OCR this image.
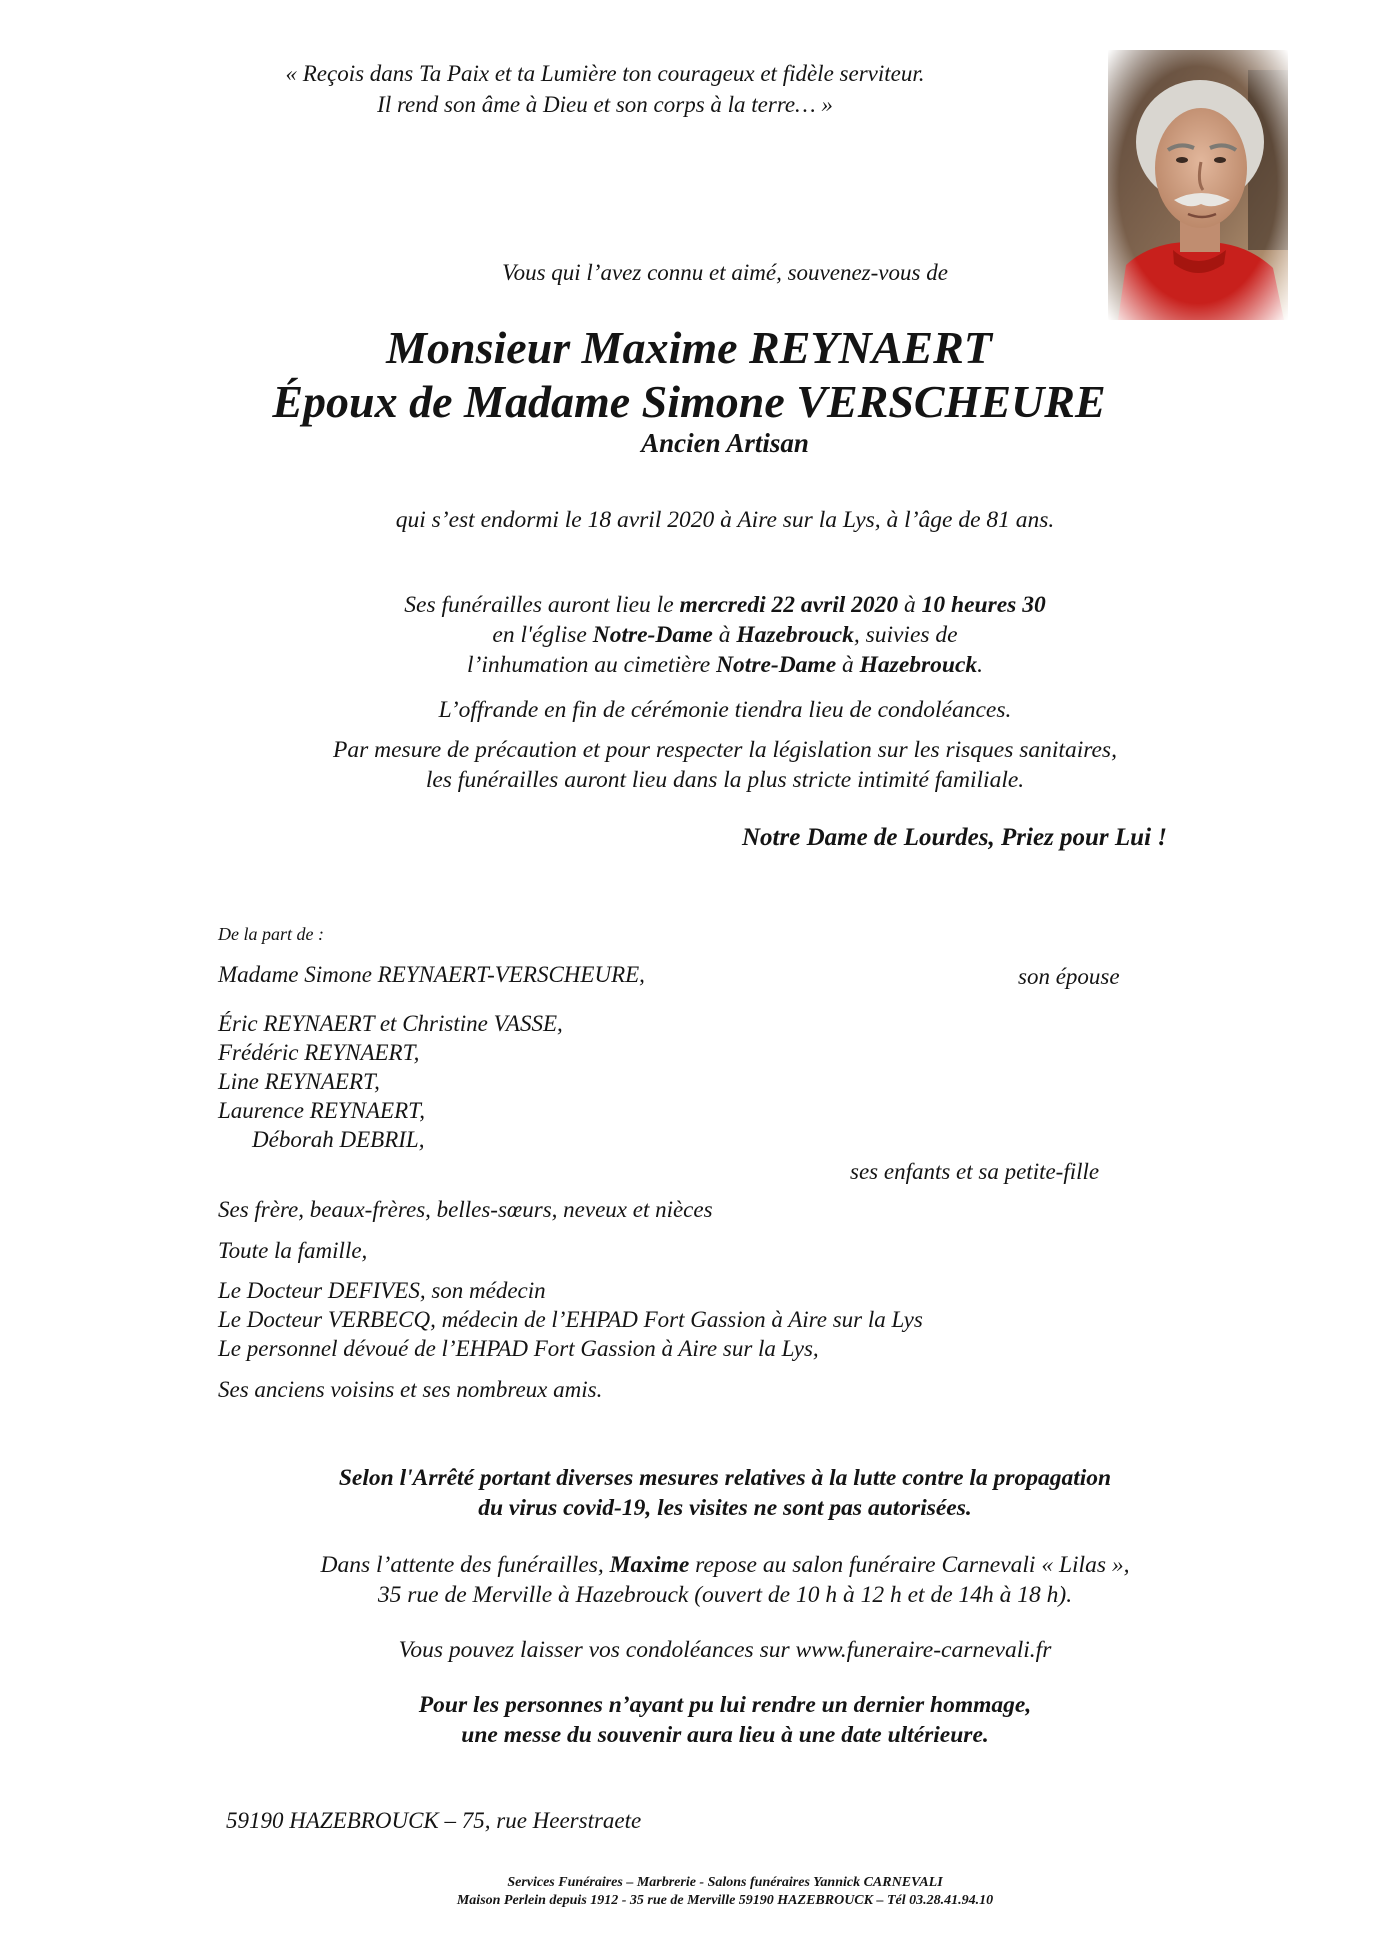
« Reçois dans Ta Paix et ta Lumière ton courageux et fidèle serviteur.
Il rend son âme à Dieu et son corps à la terre… »
Vous qui l’avez connu et aimé, souvenez-vous de
Monsieur Maxime REYNAERT
Époux de Madame Simone VERSCHEURE
Ancien Artisan
qui s’est endormi le 18 avril 2020 à Aire sur la Lys, à l’âge de 81 ans.
Ses funérailles auront lieu le mercredi 22 avril 2020 à 10 heures 30
en l'église Notre-Dame à Hazebrouck, suivies de
l’inhumation au cimetière Notre-Dame à Hazebrouck.
L’offrande en fin de cérémonie tiendra lieu de condoléances.
Par mesure de précaution et pour respecter la législation sur les risques sanitaires,
les funérailles auront lieu dans la plus stricte intimité familiale.
Notre Dame de Lourdes, Priez pour Lui !
De la part de :
Madame Simone REYNAERT-VERSCHEURE,	son épouse
Éric REYNAERT et Christine VASSE,
Frédéric REYNAERT,
Line REYNAERT,
Laurence REYNAERT,
Déborah DEBRIL,
ses enfants et sa petite-fille
Ses frère, beaux-frères, belles-sœurs, neveux et nièces
Toute la famille,
Le Docteur DEFIVES, son médecin
Le Docteur VERBECQ, médecin de l’EHPAD Fort Gassion à Aire sur la Lys
Le personnel dévoué de l’EHPAD Fort Gassion à Aire sur la Lys,
Ses anciens voisins et ses nombreux amis.
Selon l'Arrêté portant diverses mesures relatives à la lutte contre la propagation
du virus covid-19, les visites ne sont pas autorisées.
Dans l’attente des funérailles, Maxime repose au salon funéraire Carnevali « Lilas »,
35 rue de Merville à Hazebrouck (ouvert de 10 h à 12 h et de 14h à 18 h).
Vous pouvez laisser vos condoléances sur www.funeraire-carnevali.fr
Pour les personnes n’ayant pu lui rendre un dernier hommage,
une messe du souvenir aura lieu à une date ultérieure.
59190 HAZEBROUCK – 75, rue Heerstraete
Services Funéraires – Marbrerie - Salons funéraires Yannick CARNEVALI
Maison Perlein depuis 1912 - 35 rue de Merville 59190 HAZEBROUCK – Tél 03.28.41.94.10
